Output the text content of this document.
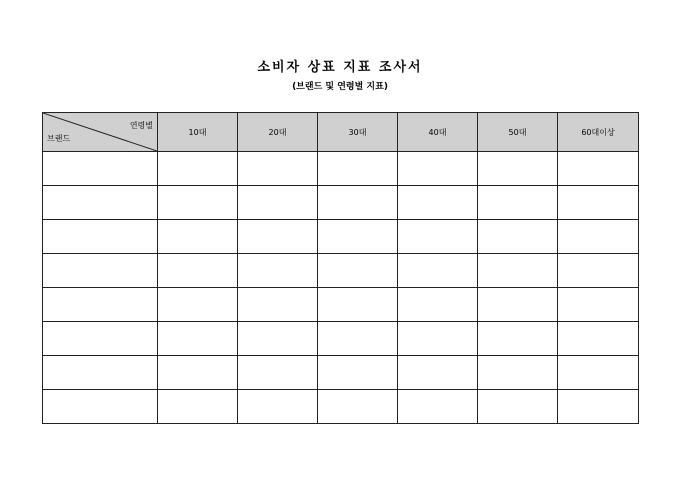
소비자 상표 지표 조사서
(브랜드 및 연령별 지표)
연령별
브랜드	10대	20대	30대	40대	50대	60대이상
